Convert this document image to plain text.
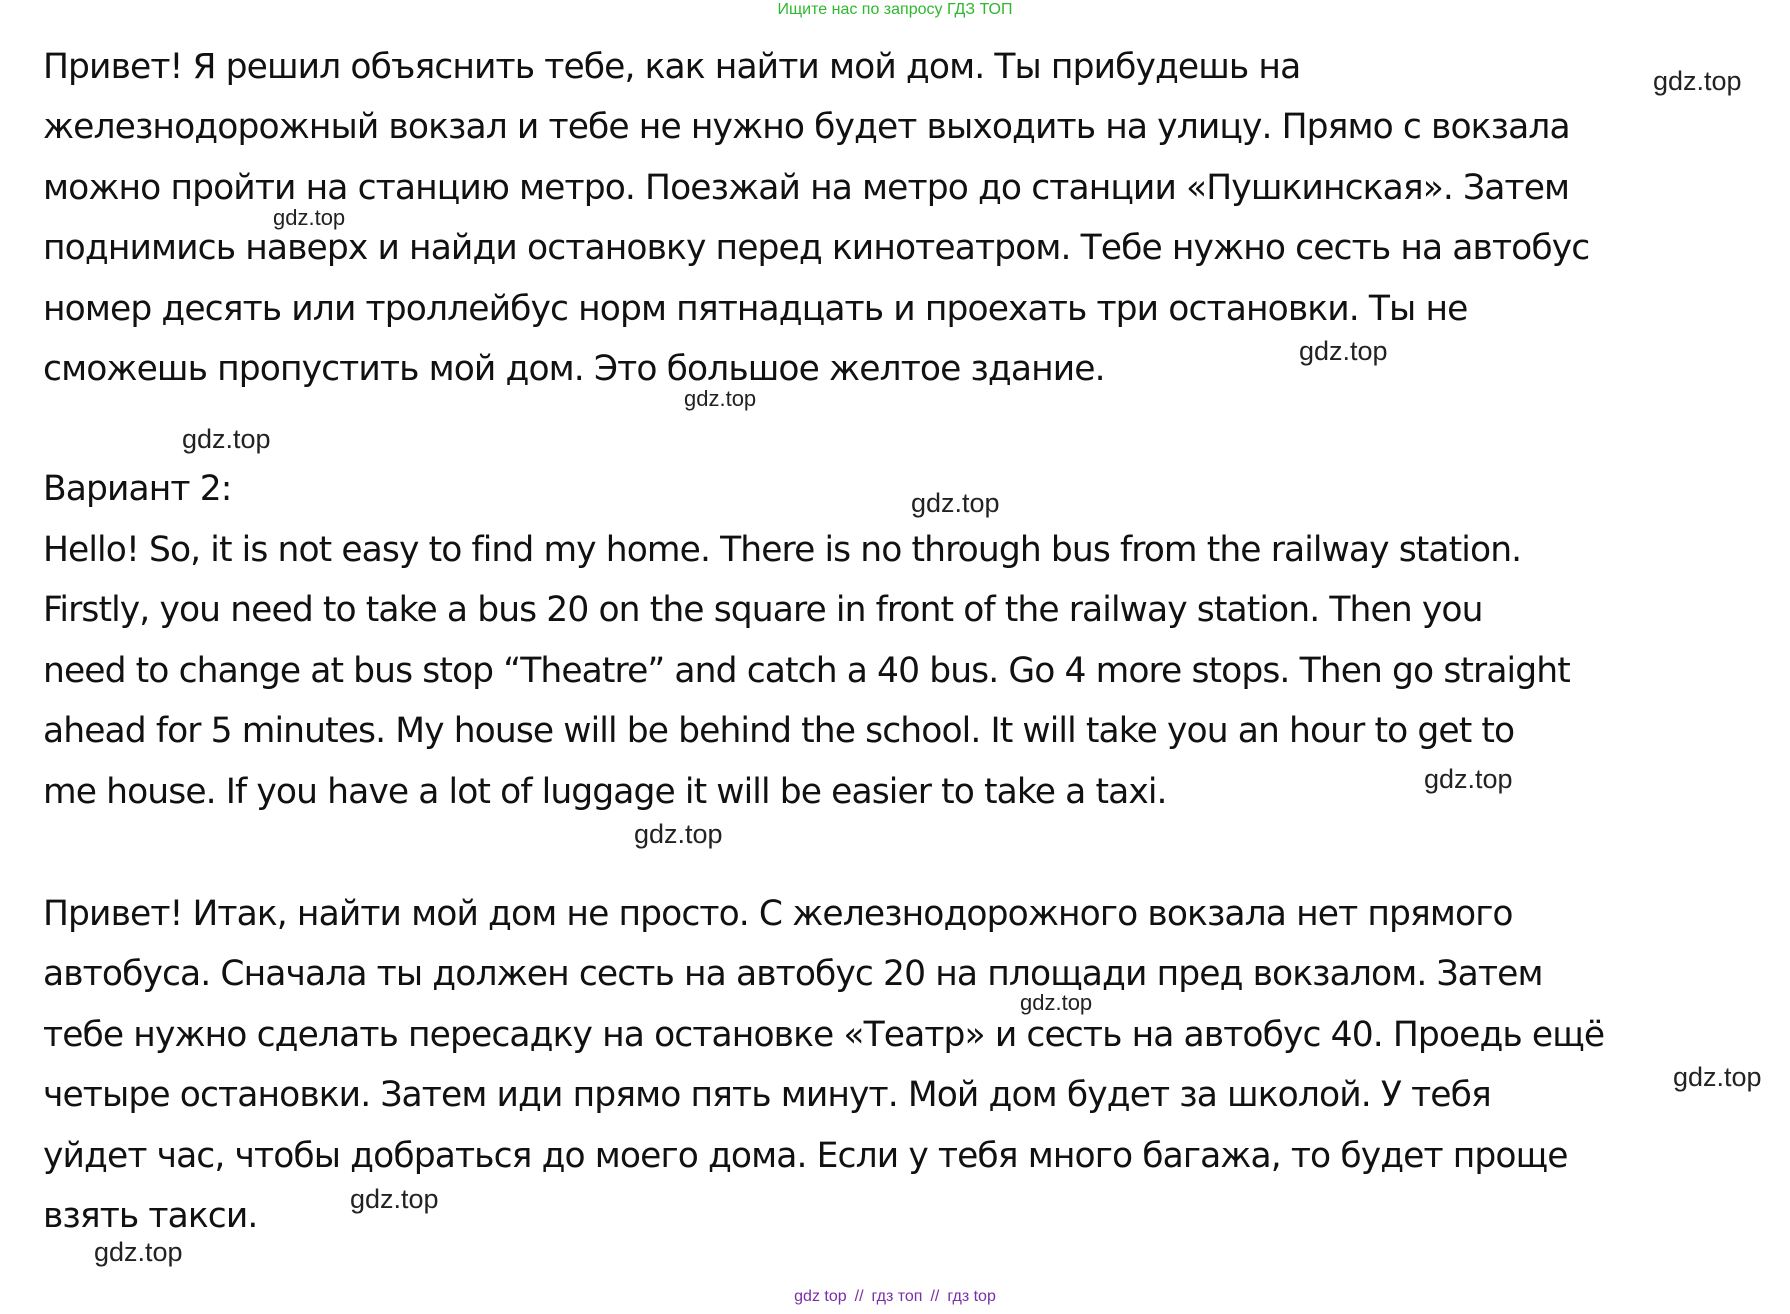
Ищите нас по запросу ГДЗ ТОП

Привет! Я решил объяснить тебе, как найти мой дом. Ты прибудешь на
железнодорожный вокзал и тебе не нужно будет выходить на улицу. Прямо с вокзала
можно пройти на станцию метро. Поезжай на метро до станции «Пушкинская». Затем
поднимись наверх и найди остановку перед кинотеатром. Тебе нужно сесть на автобус
номер десять или троллейбус норм пятнадцать и проехать три остановки. Ты не
сможешь пропустить мой дом. Это большое желтое здание.

Вариант 2:

Hello! So, it is not easy to find my home. There is no through bus from the railway station.
Firstly, you need to take a bus 20 on the square in front of the railway station. Then you
need to change at bus stop “Theatre” and catch a 40 bus. Go 4 more stops. Then go straight
ahead for 5 minutes. My house will be behind the school. It will take you an hour to get to
me house. If you have a lot of luggage it will be easier to take a taxi.

Привет! Итак, найти мой дом не просто. С железнодорожного вокзала нет прямого
автобуса. Сначала ты должен сесть на автобус 20 на площади пред вокзалом. Затем
тебе нужно сделать пересадку на остановке «Театр» и сесть на автобус 40. Проедь ещё
четыре остановки. Затем иди прямо пять минут. Мой дом будет за школой. У тебя
уйдет час, чтобы добраться до моего дома. Если у тебя много багажа, то будет проще
взять такси.

gdz.top
gdz.top
gdz.top
gdz.top
gdz.top
gdz.top
gdz.top
gdz.top
gdz.top
gdz.top
gdz.top
gdz.top
gdz top // гдз топ // гдз top
